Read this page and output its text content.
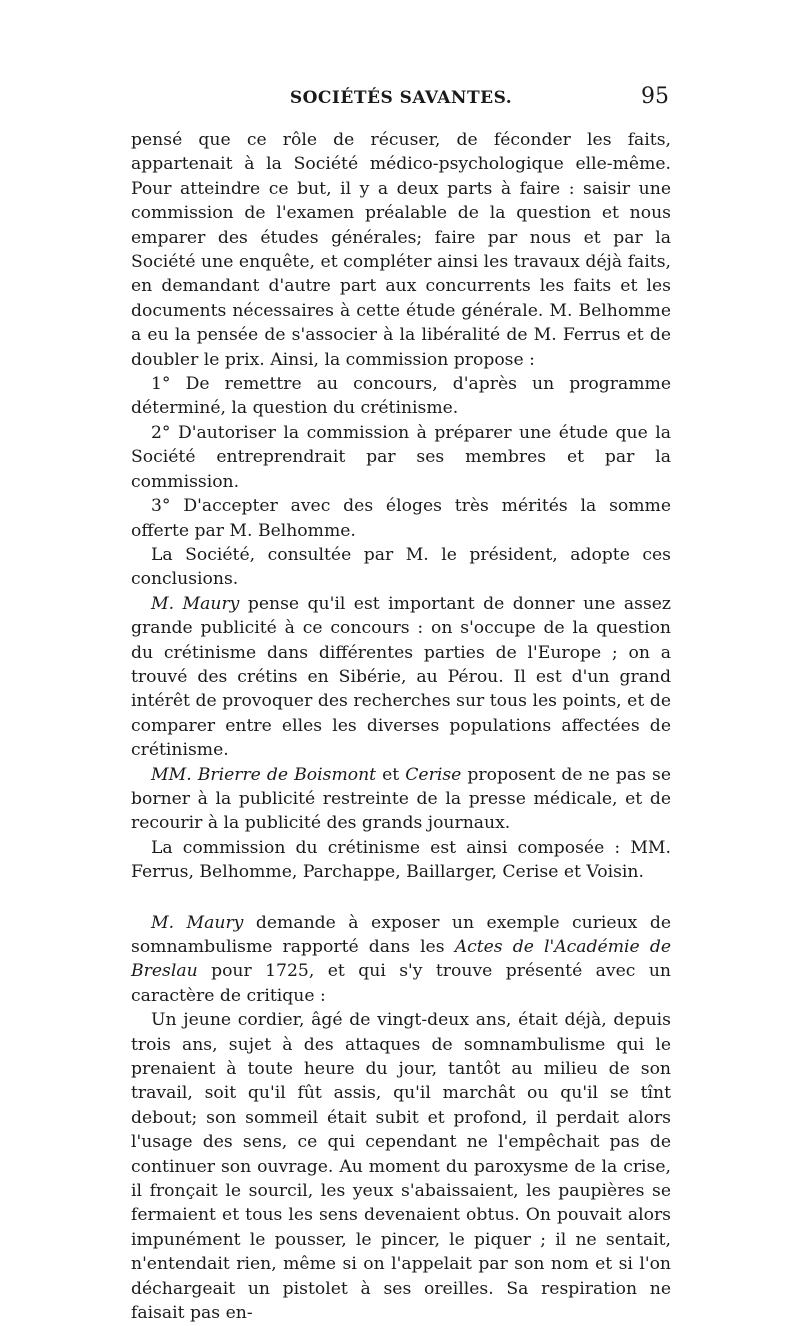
SOCIÉTÉS SAVANTES.	95

pensé que ce rôle de récuser, de féconder les faits, appartenait à la Société médico-psychologique elle-même. Pour atteindre ce but, il y a deux parts à faire : saisir une commission de l'examen préalable de la question et nous emparer des études générales; faire par nous et par la Société une enquête, et compléter ainsi les travaux déjà faits, en demandant d'autre part aux concurrents les faits et les documents nécessaires à cette étude générale. M. Belhomme a eu la pensée de s'associer à la libéralité de M. Ferrus et de doubler le prix. Ainsi, la commission propose :

1° De remettre au concours, d'après un programme déterminé, la question du crétinisme.

2° D'autoriser la commission à préparer une étude que la Société entreprendrait par ses membres et par la commission.

3° D'accepter avec des éloges très mérités la somme offerte par M. Belhomme.

La Société, consultée par M. le président, adopte ces conclusions.

M. Maury pense qu'il est important de donner une assez grande publicité à ce concours : on s'occupe de la question du crétinisme dans différentes parties de l'Europe ; on a trouvé des crétins en Sibérie, au Pérou. Il est d'un grand intérêt de provoquer des recherches sur tous les points, et de comparer entre elles les diverses populations affectées de crétinisme.

MM. Brierre de Boismont et Cerise proposent de ne pas se borner à la publicité restreinte de la presse médicale, et de recourir à la publicité des grands journaux.

La commission du crétinisme est ainsi composée : MM. Ferrus, Belhomme, Parchappe, Baillarger, Cerise et Voisin.

M. Maury demande à exposer un exemple curieux de somnambulisme rapporté dans les Actes de l'Académie de Breslau pour 1725, et qui s'y trouve présenté avec un caractère de critique :

Un jeune cordier, âgé de vingt-deux ans, était déjà, depuis trois ans, sujet à des attaques de somnambulisme qui le prenaient à toute heure du jour, tantôt au milieu de son travail, soit qu'il fût assis, qu'il marchât ou qu'il se tînt debout; son sommeil était subit et profond, il perdait alors l'usage des sens, ce qui cependant ne l'empêchait pas de continuer son ouvrage. Au moment du paroxysme de la crise, il fronçait le sourcil, les yeux s'abaissaient, les paupières se fermaient et tous les sens devenaient obtus. On pouvait alors impunément le pousser, le pincer, le piquer ; il ne sentait, n'entendait rien, même si on l'appelait par son nom et si l'on déchargeait un pistolet à ses oreilles. Sa respiration ne faisait pas en-
